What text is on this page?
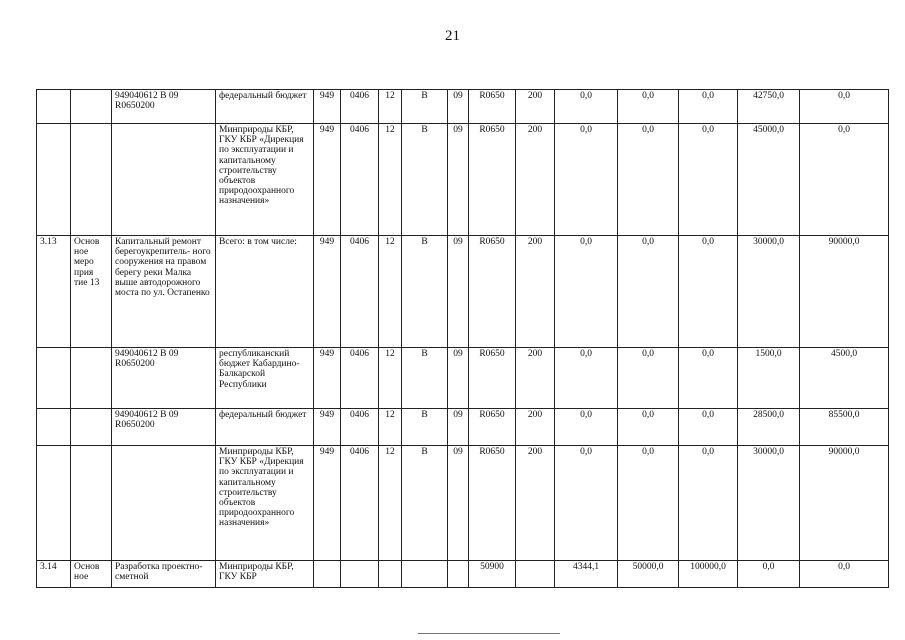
21
		949040612 В 09 R0650200	федеральный бюджет	949	0406	12	В	09	R0650	200	0,0	0,0	0,0	42750,0	0,0
			Минприроды КБР, ГКУ КБР «Дирекция по эксплуатации и капитальному строительству объектов природоохранного назначения»	949	0406	12	В	09	R0650	200	0,0	0,0	0,0	45000,0	0,0
3.13	Основ ное меро прия тие 13	Капитальный ремонт берегоукрепитель- ного сооружения на правом берегу реки Малка выше автодорожного моста по ул. Остапенко	Всего: в том числе:	949	0406	12	В	09	R0650	200	0,0	0,0	0,0	30000,0	90000,0
		949040612 В 09 R0650200	республиканский бюджет Кабардино- Балкарской Республики	949	0406	12	В	09	R0650	200	0,0	0,0	0,0	1500,0	4500,0
		949040612 В 09 R0650200	федеральный бюджет	949	0406	12	В	09	R0650	200	0,0	0,0	0,0	28500,0	85500,0
			Минприроды КБР, ГКУ КБР «Дирекция по эксплуатации и капитальному строительству объектов природоохранного назначения»	949	0406	12	В	09	R0650	200	0,0	0,0	0,0	30000,0	90000,0
3.14	Основ ное	Разработка проектно-сметной	Минприроды КБР, ГКУ КБР						50900		4344,1	50000,0	100000,0	0,0	0,0
